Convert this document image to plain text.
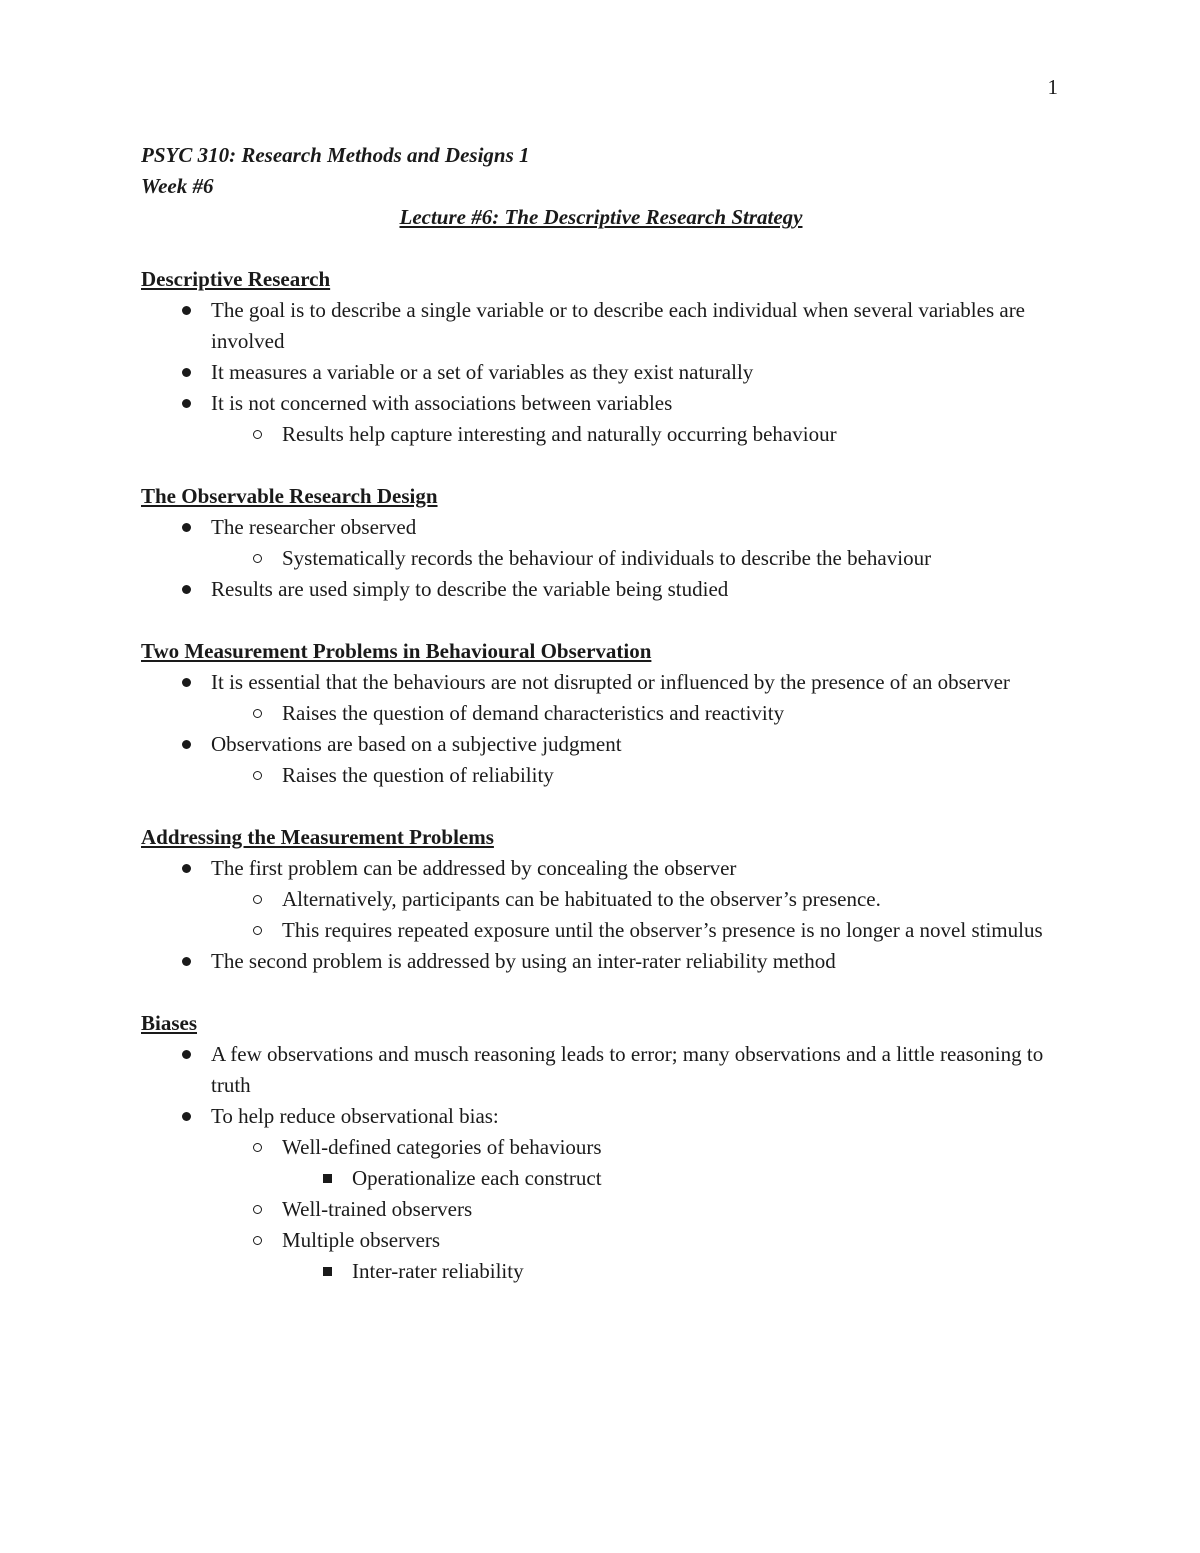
1

PSYC 310: Research Methods and Designs 1

Week #6

Lecture #6: The Descriptive Research Strategy

Descriptive Research

The goal is to describe a single variable or to describe each individual when several variables are involved
It measures a variable or a set of variables as they exist naturally
It is not concerned with associations between variables
Results help capture interesting and naturally occurring behaviour

The Observable Research Design

The researcher observed
Systematically records the behaviour of individuals to describe the behaviour
Results are used simply to describe the variable being studied

Two Measurement Problems in Behavioural Observation

It is essential that the behaviours are not disrupted or influenced by the presence of an observer
Raises the question of demand characteristics and reactivity
Observations are based on a subjective judgment
Raises the question of reliability

Addressing the Measurement Problems

The first problem can be addressed by concealing the observer
Alternatively, participants can be habituated to the observer’s presence.
This requires repeated exposure until the observer’s presence is no longer a novel stimulus
The second problem is addressed by using an inter-rater reliability method

Biases

A few observations and musch reasoning leads to error; many observations and a little reasoning to truth
To help reduce observational bias:
Well-defined categories of behaviours
Operationalize each construct
Well-trained observers
Multiple observers
Inter-rater reliability
